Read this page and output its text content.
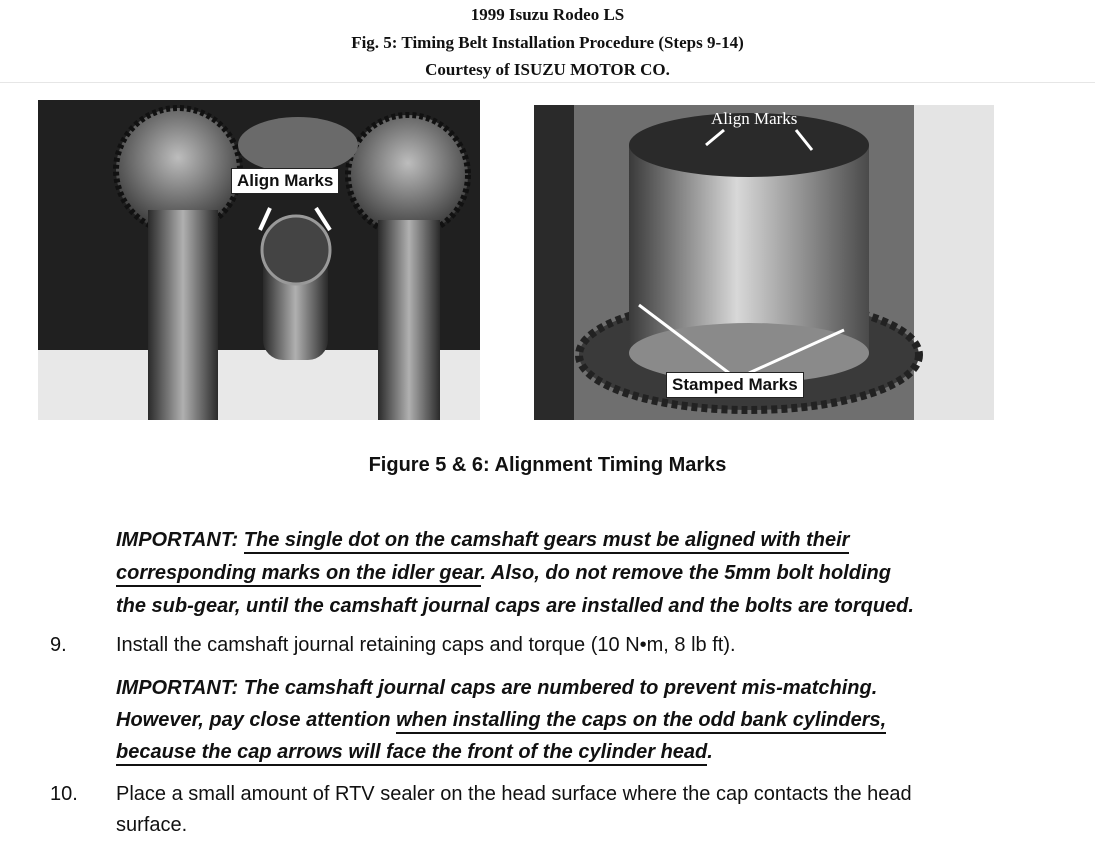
1999 Isuzu Rodeo LS
Fig. 5: Timing Belt Installation Procedure (Steps 9-14)
Courtesy of ISUZU MOTOR CO.
Align Marks
Align Marks
Stamped Marks
Figure 5 & 6: Alignment Timing Marks
IMPORTANT: The single dot on the camshaft gears must be aligned with their
corresponding marks on the idler gear. Also, do not remove the 5mm bolt holding
the sub-gear, until the camshaft journal caps are installed and the bolts are torqued.
9. Install the camshaft journal retaining caps and torque (10 N•m, 8 lb ft).
IMPORTANT: The camshaft journal caps are numbered to prevent mis-matching.
However, pay close attention when installing the caps on the odd bank cylinders,
because the cap arrows will face the front of the cylinder head.
10. Place a small amount of RTV sealer on the head surface where the cap contacts the head
surface.
